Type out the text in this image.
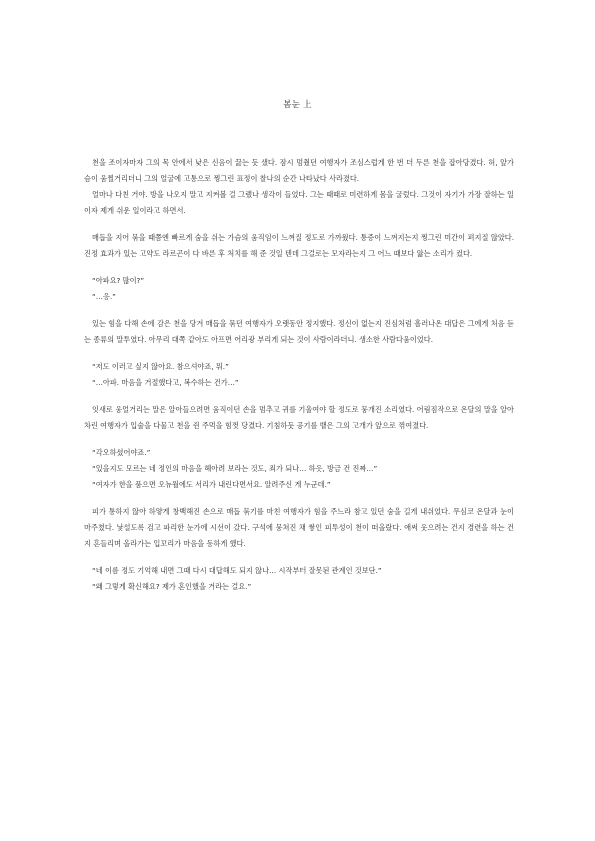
봄눈 上

천을 조이자마자 그의 목 안에서 낮은 신음이 끓는 듯 샜다. 잠시 멈췄던 여행자가 조심스럽게 한 번 더 두른 천을 잡아당겼다. 허, 앞가슴이 움찔거리더니 그의 얼굴에 고통으로 찡그린 표정이 찰나의 순간 나타났다 사라졌다.

얼마나 다친 거야. 방을 나오지 말고 지켜볼 걸 그랬나 생각이 들었다. 그는 때때로 미련하게 몸을 굴렀다. 그것이 자기가 가장 잘하는 일이자 제게 쉬운 일이라고 하면서.

매듭을 지어 묶을 때쯤엔 빠르게 숨을 쉬는 가슴의 움직임이 느껴질 정도로 가까웠다. 통증이 느껴지는지 찡그린 미간이 펴지질 않았다. 진정 효과가 있는 고약도 라르곤이 다 바른 후 처치를 해 준 것일 텐데 그걸로는 모자라는지 그 어느 때보다 앓는 소리가 컸다.

“아파요? 많이?”

“…응.”

있는 힘을 다해 손에 감은 천을 당겨 매듭을 묶던 여행자가 오랫동안 정지했다. 정신이 없는지 진심처럼 흘러나온 대답은 그에게 처음 듣는 종류의 말투였다. 아무리 대쪽 같아도 아프면 어리광 부리게 되는 것이 사람이라더니. 생소한 사람다움이었다.

“저도 이러고 싶지 않아요. 참으셔야죠, 뭐.”

“…아파. 마음을 거절했다고, 복수하는 건가…”

잇새로 웅얼거리는 말은 알아들으려면 움직이던 손을 멈추고 귀를 기울여야 할 정도로 뭉개진 소리였다. 어림짐작으로 온달의 말을 알아차린 여행자가 입술을 다물고 천을 쥔 주먹을 힘껏 당겼다. 기침하듯 공기를 뱉은 그의 고개가 앞으로 꺾여졌다.

“각오하셨어야죠.”

“있을지도 모르는 네 정인의 마음을 헤아려 보라는 것도, 죄가 되나… 하읏, 방금 건 진짜…”

“여자가 한을 품으면 오뉴월에도 서리가 내린다면서요. 알려주신 게 누군데.”

피가 통하지 않아 하얗게 창백해진 손으로 매듭 묶기를 마친 여행자가 힘을 주느라 참고 있던 숨을 길게 내쉬었다. 무심코 온달과 눈이 마주쳤다. 낯설도록 검고 파리한 눈가에 시선이 갔다. 구석에 뭉쳐진 채 쌓인 피투성이 천이 떠올랐다. 애써 웃으려는 건지 경련을 하는 건지 흔들리며 올라가는 입꼬리가 마음을 동하게 했다.

“네 이름 정도 기억해 내면 그때 다시 대답해도 되지 않나… 시작부터 잘못된 관계인 것보단.”

“왜 그렇게 확신해요? 제가 혼인했을 거라는 걸요.”
